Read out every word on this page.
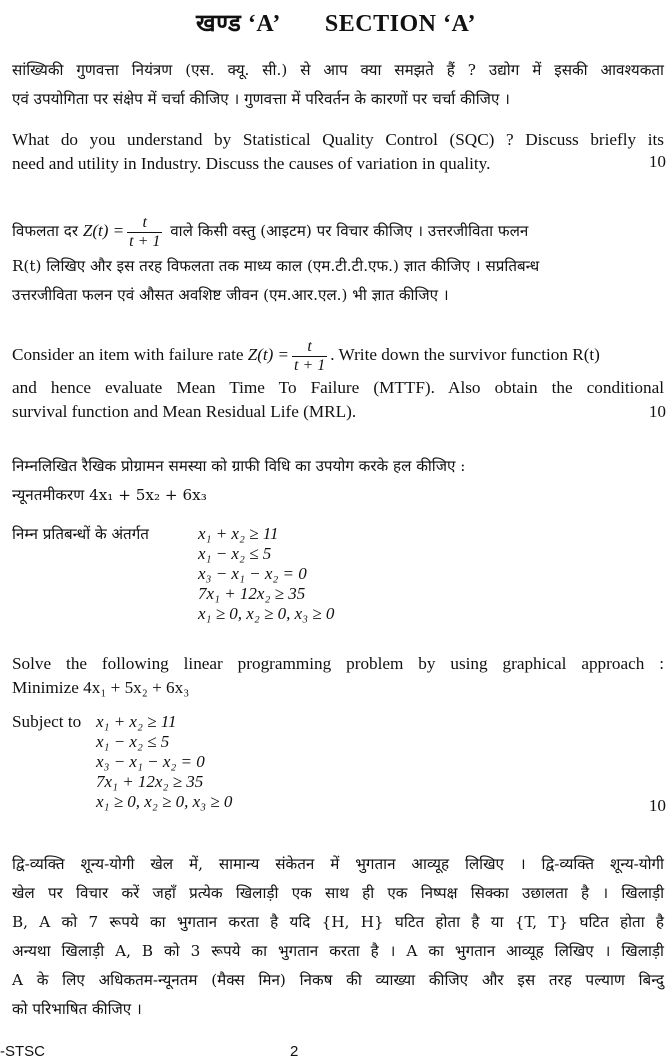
खण्ड ‘A’ SECTION ‘A’
सांख्यिकी गुणवत्ता नियंत्रण (एस. क्यू. सी.) से आप क्या समझते हैं ? उद्योग में इसकी आवश्यकता
एवं उपयोगिता पर संक्षेप में चर्चा कीजिए । गुणवत्ता में परिवर्तन के कारणों पर चर्चा कीजिए ।
What do you understand by Statistical Quality Control (SQC) ? Discuss briefly its
need and utility in Industry. Discuss the causes of variation in quality.	10
विफलता दर $Z(t) = \frac{t}{t + 1}$ वाले किसी वस्तु (आइटम) पर विचार कीजिए । उत्तरजीविता फलन
R(t) लिखिए और इस तरह विफलता तक माध्य काल (एम.टी.टी.एफ.) ज्ञात कीजिए । सप्रतिबन्ध
उत्तरजीविता फलन एवं औसत अवशिष्ट जीवन (एम.आर.एल.) भी ज्ञात कीजिए ।
Consider an item with failure rate $Z(t) = \frac{t}{t + 1}$ . Write down the survivor function R(t)
and hence evaluate Mean Time To Failure (MTTF). Also obtain the conditional
survival function and Mean Residual Life (MRL).	10
निम्नलिखित रैखिक प्रोग्रामन समस्या को ग्राफी विधि का उपयोग करके हल कीजिए :
न्यूनतमीकरण 4x₁ + 5x₂ + 6x₃
निम्न प्रतिबन्धों के अंतर्गत	x₁ + x₂ ≥ 11
x₁ − x₂ ≤ 5
x₃ − x₁ − x₂ = 0
7x₁ + 12x₂ ≥ 35
x₁ ≥ 0, x₂ ≥ 0, x₃ ≥ 0
Solve the following linear programming problem by using graphical approach :
Minimize 4x₁ + 5x₂ + 6x₃
Subject to x₁ + x₂ ≥ 11
x₁ − x₂ ≤ 5
x₃ − x₁ − x₂ = 0
7x₁ + 12x₂ ≥ 35
x₁ ≥ 0, x₂ ≥ 0, x₃ ≥ 0	10
द्वि-व्यक्ति शून्य-योगी खेल में, सामान्य संकेतन में भुगतान आव्यूह लिखिए । द्वि-व्यक्ति शून्य-योगी
खेल पर विचार करें जहाँ प्रत्येक खिलाड़ी एक साथ ही एक निष्पक्ष सिक्का उछालता है । खिलाड़ी
B, A को 7 रूपये का भुगतान करता है यदि {H, H} घटित होता है या {T, T} घटित होता है
अन्यथा खिलाड़ी A, B को 3 रूपये का भुगतान करता है । A का भुगतान आव्यूह लिखिए । खिलाड़ी
A के लिए अधिकतम-न्यूनतम (मैक्स मिन) निकष की व्याख्या कीजिए और इस तरह पल्याण बिन्दु
को परिभाषित कीजिए ।
-STSC	2
